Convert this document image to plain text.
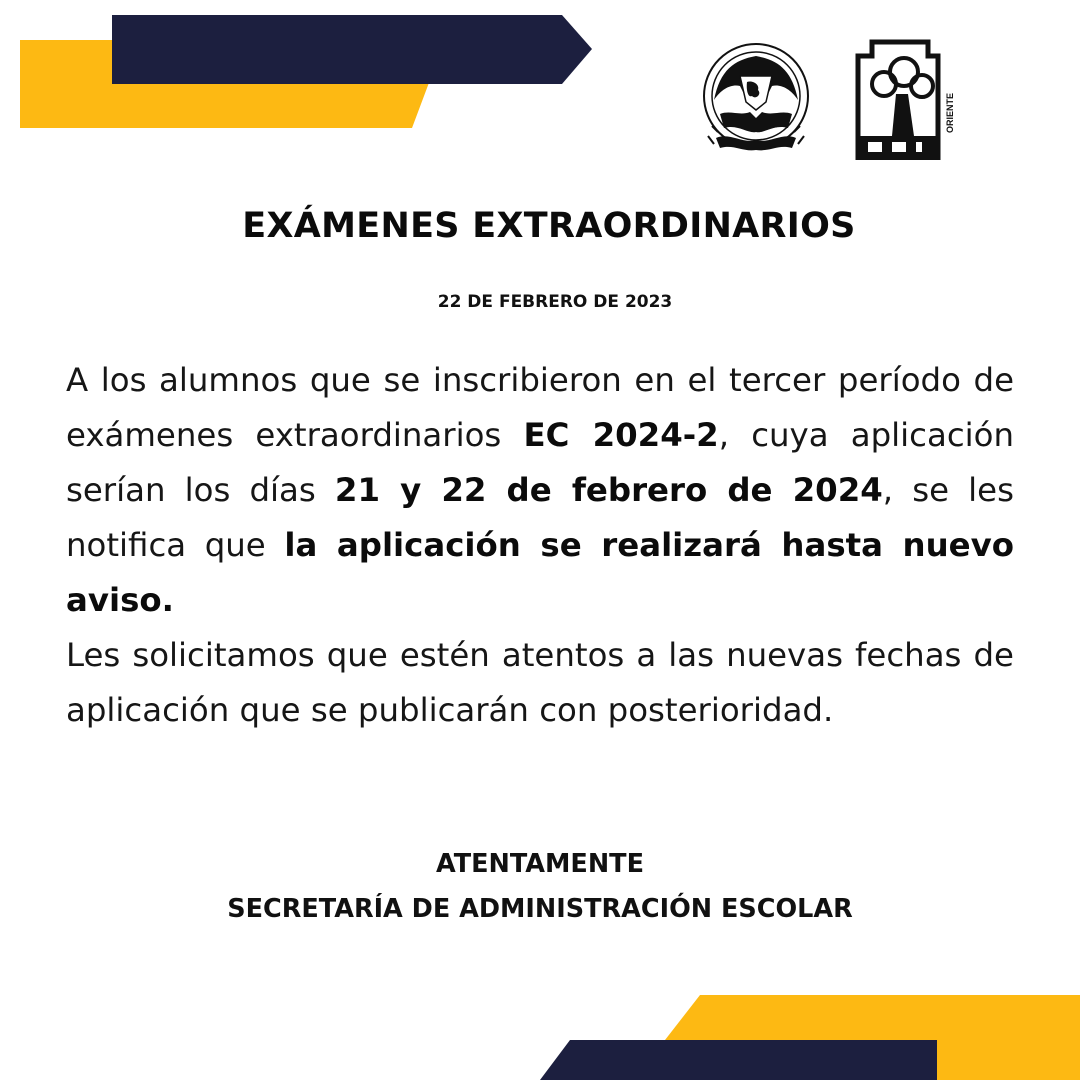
ORIENTE
EXÁMENES EXTRAORDINARIOS
22 DE FEBRERO DE 2023

A los alumnos que se inscribieron en el tercer período de exámenes extraordinarios EC 2024-2, cuya aplicación serían los días 21 y 22 de febrero de 2024, se les notifica que la aplicación se realizará hasta nuevo aviso.

Les solicitamos que estén atentos a las nuevas fechas de aplicación que se publicarán con posterioridad.

ATENTAMENTE
SECRETARÍA DE ADMINISTRACIÓN ESCOLAR
